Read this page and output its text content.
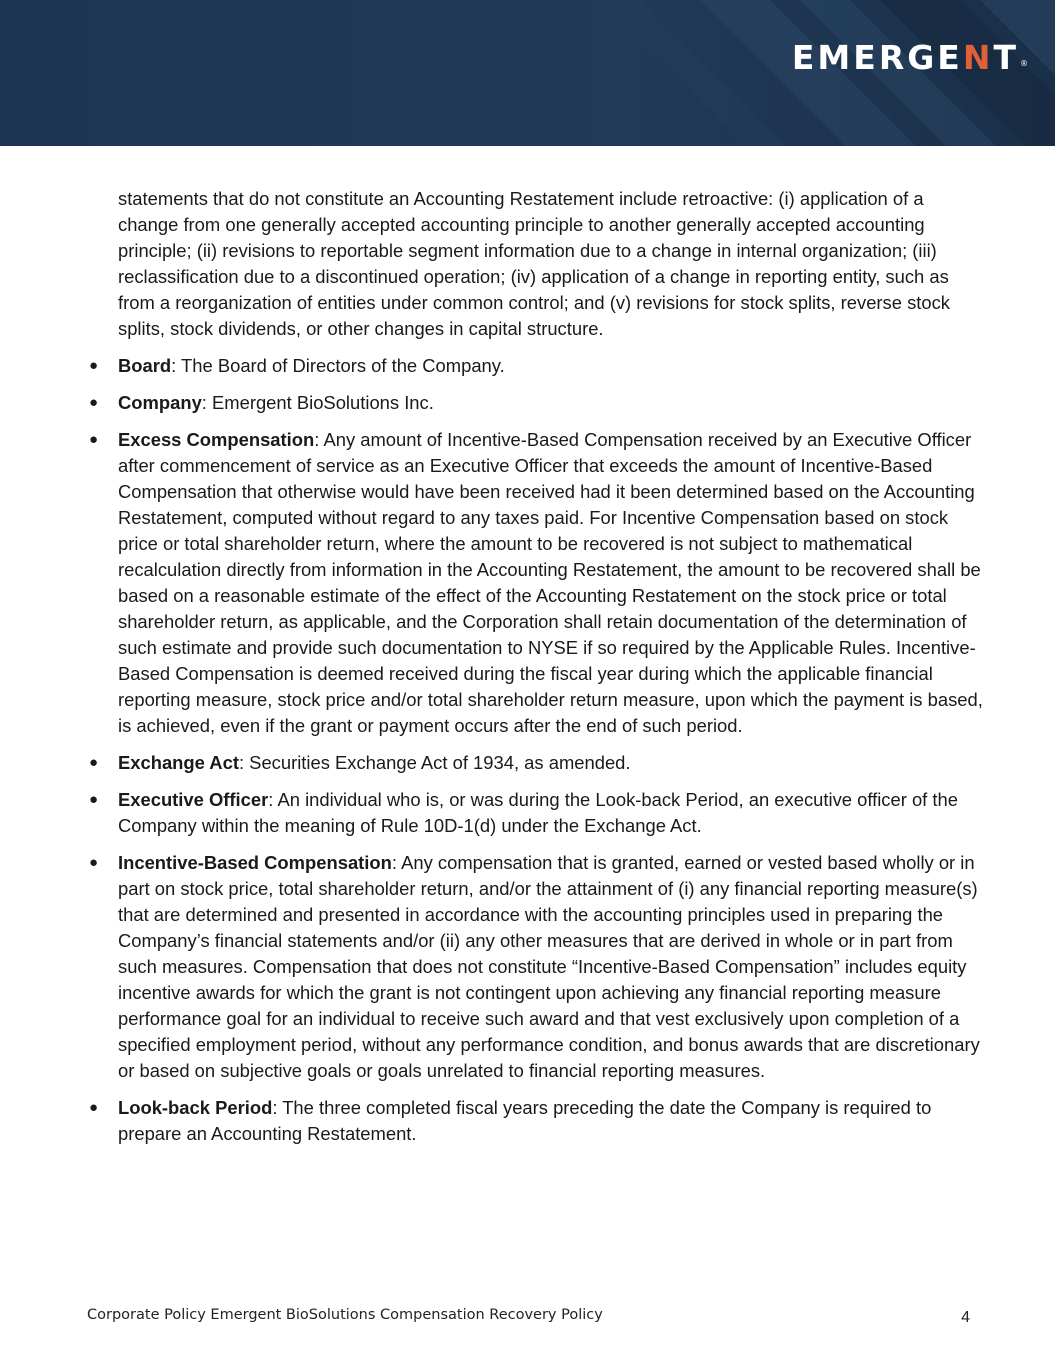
EMERGENT®

statements that do not constitute an Accounting Restatement include retroactive: (i) application of a change from one generally accepted accounting principle to another generally accepted accounting principle; (ii) revisions to reportable segment information due to a change in internal organization; (iii) reclassification due to a discontinued operation; (iv) application of a change in reporting entity, such as from a reorganization of entities under common control; and (v) revisions for stock splits, reverse stock splits, stock dividends, or other changes in capital structure.

● Board: The Board of Directors of the Company.
● Company: Emergent BioSolutions Inc.
● Excess Compensation: Any amount of Incentive-Based Compensation received by an Executive Officer after commencement of service as an Executive Officer that exceeds the amount of Incentive-Based Compensation that otherwise would have been received had it been determined based on the Accounting Restatement, computed without regard to any taxes paid. For Incentive Compensation based on stock price or total shareholder return, where the amount to be recovered is not subject to mathematical recalculation directly from information in the Accounting Restatement, the amount to be recovered shall be based on a reasonable estimate of the effect of the Accounting Restatement on the stock price or total shareholder return, as applicable, and the Corporation shall retain documentation of the determination of such estimate and provide such documentation to NYSE if so required by the Applicable Rules. Incentive-Based Compensation is deemed received during the fiscal year during which the applicable financial reporting measure, stock price and/or total shareholder return measure, upon which the payment is based, is achieved, even if the grant or payment occurs after the end of such period.
● Exchange Act: Securities Exchange Act of 1934, as amended.
● Executive Officer: An individual who is, or was during the Look-back Period, an executive officer of the Company within the meaning of Rule 10D-1(d) under the Exchange Act.
● Incentive-Based Compensation: Any compensation that is granted, earned or vested based wholly or in part on stock price, total shareholder return, and/or the attainment of (i) any financial reporting measure(s) that are determined and presented in accordance with the accounting principles used in preparing the Company’s financial statements and/or (ii) any other measures that are derived in whole or in part from such measures. Compensation that does not constitute “Incentive-Based Compensation” includes equity incentive awards for which the grant is not contingent upon achieving any financial reporting measure performance goal for an individual to receive such award and that vest exclusively upon completion of a specified employment period, without any performance condition, and bonus awards that are discretionary or based on subjective goals or goals unrelated to financial reporting measures.
● Look-back Period: The three completed fiscal years preceding the date the Company is required to prepare an Accounting Restatement.
Corporate Policy Emergent BioSolutions Compensation Recovery Policy	4
